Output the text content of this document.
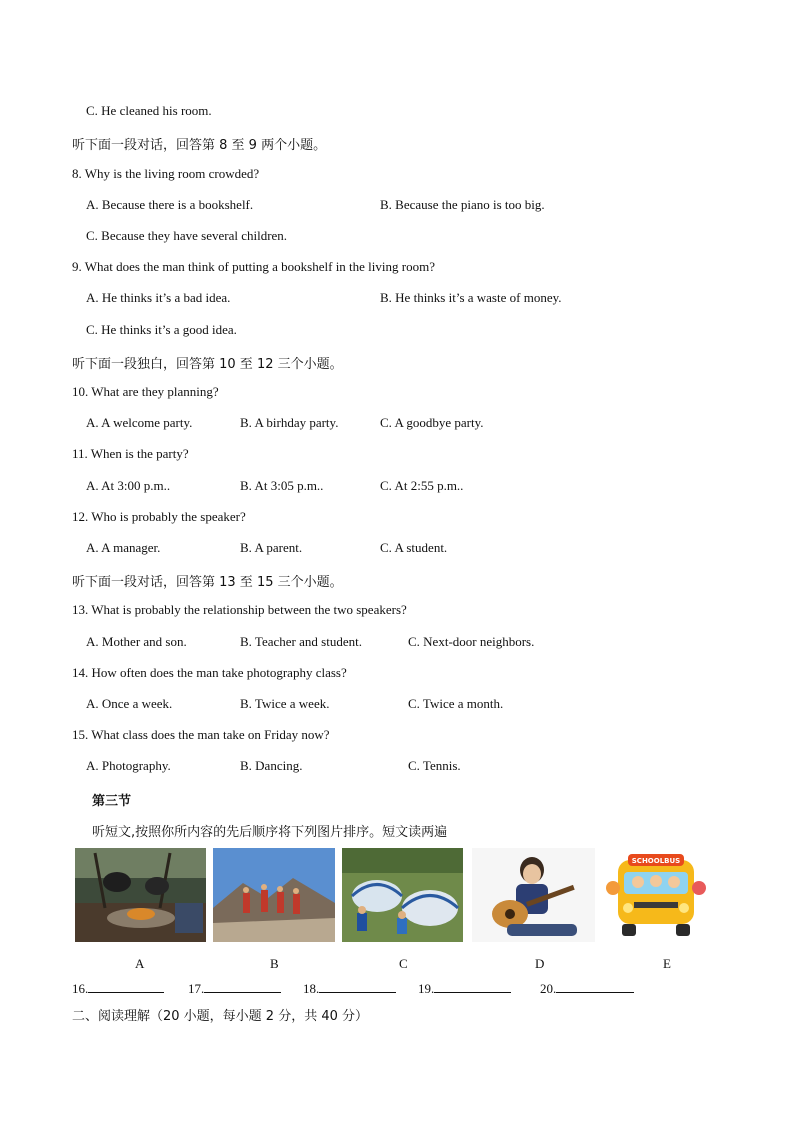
C. He cleaned his room.
听下面一段对话，回答第 8 至 9 两个小题。
8. Why is the living room crowded?
A. Because there is a bookshelf.	B. Because the piano is too big.
C. Because they have several children.
9. What does the man think of putting a bookshelf in the living room?
A. He thinks it’s a bad idea.	B. He thinks it’s a waste of money.
C. He thinks it’s a good idea.
听下面一段独白，回答第 10 至 12 三个小题。
10. What are they planning?
A. A welcome party.	B. A birhday party.	C. A goodbye party.
11. When is the party?
A. At 3:00 p.m..	B. At 3:05 p.m..	C. At 2:55 p.m..
12. Who is probably the speaker?
A. A manager.	B. A parent.	C. A student.
听下面一段对话，回答第 13 至 15 三个小题。
13. What is probably the relationship between the two speakers?
A. Mother and son.	B. Teacher and student.	C. Next-door neighbors.
14. How often does the man take photography class?
A. Once a week.	B. Twice a week.	C. Twice a month.
15. What class does the man take on Friday now?
A. Photography.	B. Dancing.	C. Tennis.
第三节
听短文,按照你所内容的先后顺序将下列图片排序。短文读两遍
SCHOOLBUS
A	B	C	D	E
16.	17.	18.	19.	20.
二、阅读理解（20 小题，每小题 2 分，共 40 分）
